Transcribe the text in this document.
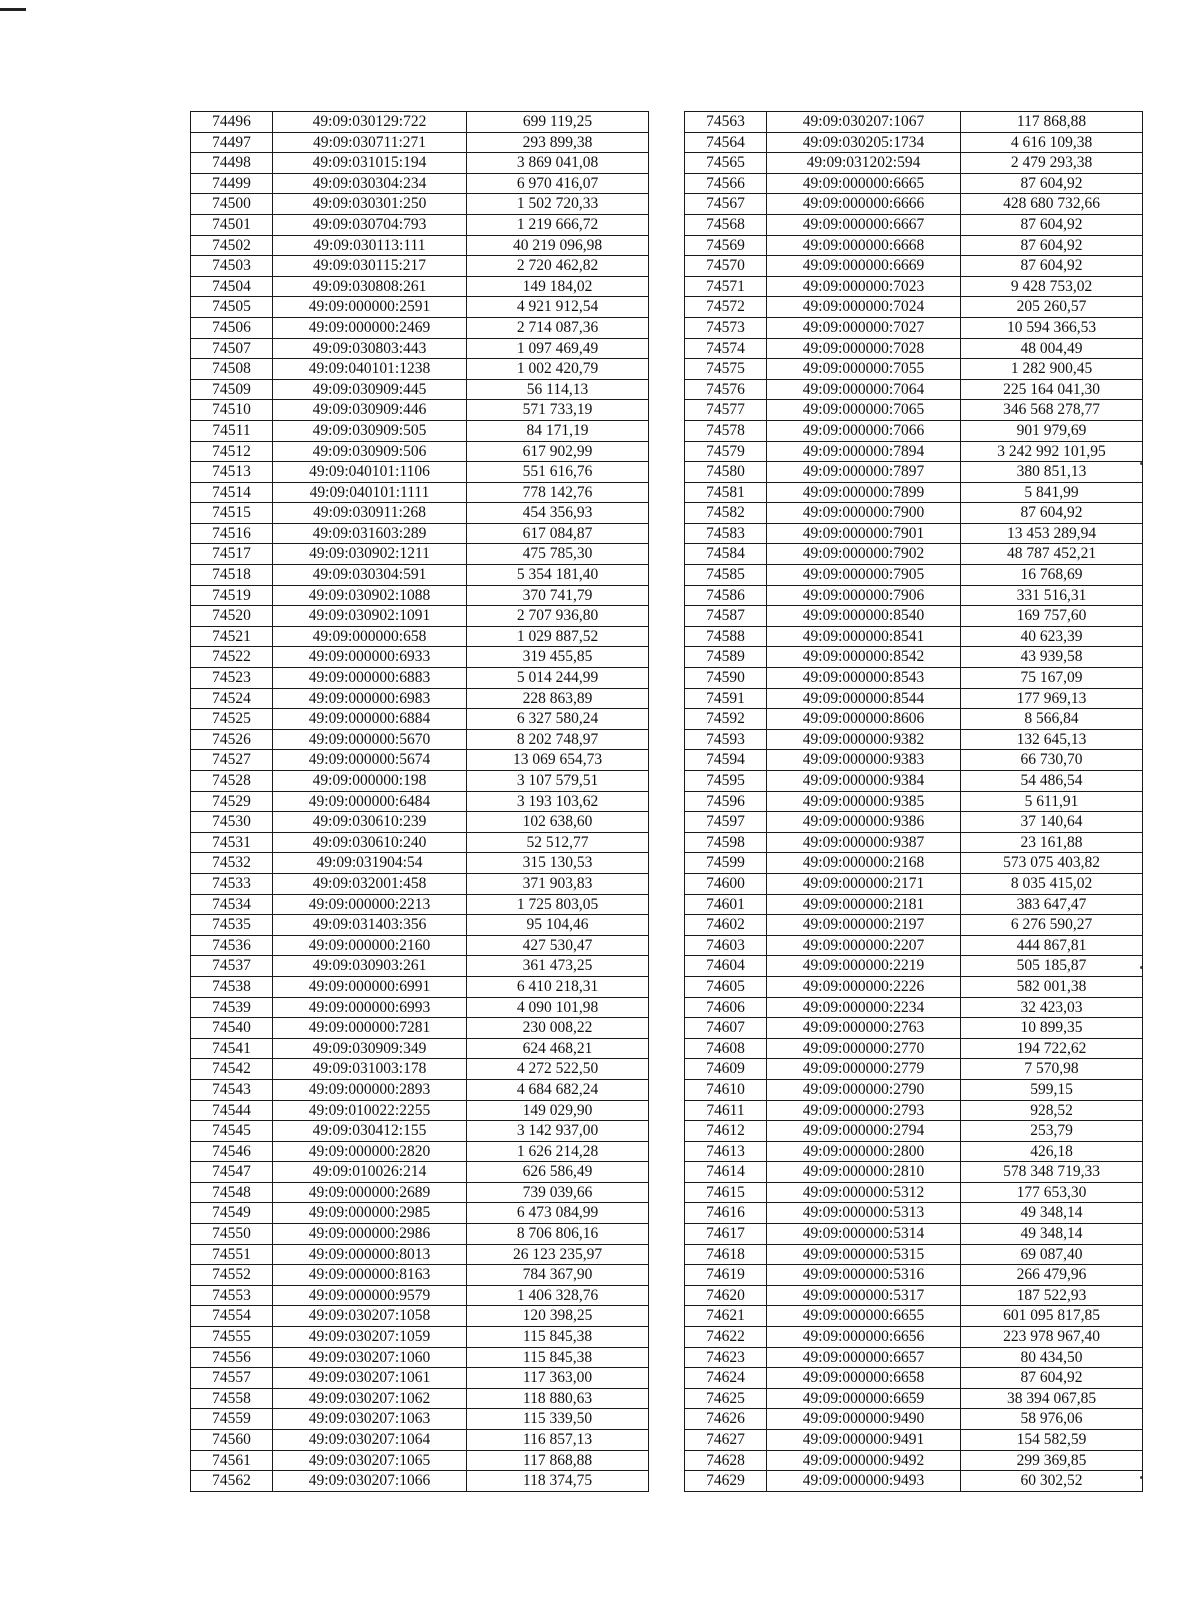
74496	49:09:030129:722	699 119,25
74497	49:09:030711:271	293 899,38
74498	49:09:031015:194	3 869 041,08
74499	49:09:030304:234	6 970 416,07
74500	49:09:030301:250	1 502 720,33
74501	49:09:030704:793	1 219 666,72
74502	49:09:030113:111	40 219 096,98
74503	49:09:030115:217	2 720 462,82
74504	49:09:030808:261	149 184,02
74505	49:09:000000:2591	4 921 912,54
74506	49:09:000000:2469	2 714 087,36
74507	49:09:030803:443	1 097 469,49
74508	49:09:040101:1238	1 002 420,79
74509	49:09:030909:445	56 114,13
74510	49:09:030909:446	571 733,19
74511	49:09:030909:505	84 171,19
74512	49:09:030909:506	617 902,99
74513	49:09:040101:1106	551 616,76
74514	49:09:040101:1111	778 142,76
74515	49:09:030911:268	454 356,93
74516	49:09:031603:289	617 084,87
74517	49:09:030902:1211	475 785,30
74518	49:09:030304:591	5 354 181,40
74519	49:09:030902:1088	370 741,79
74520	49:09:030902:1091	2 707 936,80
74521	49:09:000000:658	1 029 887,52
74522	49:09:000000:6933	319 455,85
74523	49:09:000000:6883	5 014 244,99
74524	49:09:000000:6983	228 863,89
74525	49:09:000000:6884	6 327 580,24
74526	49:09:000000:5670	8 202 748,97
74527	49:09:000000:5674	13 069 654,73
74528	49:09:000000:198	3 107 579,51
74529	49:09:000000:6484	3 193 103,62
74530	49:09:030610:239	102 638,60
74531	49:09:030610:240	52 512,77
74532	49:09:031904:54	315 130,53
74533	49:09:032001:458	371 903,83
74534	49:09:000000:2213	1 725 803,05
74535	49:09:031403:356	95 104,46
74536	49:09:000000:2160	427 530,47
74537	49:09:030903:261	361 473,25
74538	49:09:000000:6991	6 410 218,31
74539	49:09:000000:6993	4 090 101,98
74540	49:09:000000:7281	230 008,22
74541	49:09:030909:349	624 468,21
74542	49:09:031003:178	4 272 522,50
74543	49:09:000000:2893	4 684 682,24
74544	49:09:010022:2255	149 029,90
74545	49:09:030412:155	3 142 937,00
74546	49:09:000000:2820	1 626 214,28
74547	49:09:010026:214	626 586,49
74548	49:09:000000:2689	739 039,66
74549	49:09:000000:2985	6 473 084,99
74550	49:09:000000:2986	8 706 806,16
74551	49:09:000000:8013	26 123 235,97
74552	49:09:000000:8163	784 367,90
74553	49:09:000000:9579	1 406 328,76
74554	49:09:030207:1058	120 398,25
74555	49:09:030207:1059	115 845,38
74556	49:09:030207:1060	115 845,38
74557	49:09:030207:1061	117 363,00
74558	49:09:030207:1062	118 880,63
74559	49:09:030207:1063	115 339,50
74560	49:09:030207:1064	116 857,13
74561	49:09:030207:1065	117 868,88
74562	49:09:030207:1066	118 374,75
74563	49:09:030207:1067	117 868,88
74564	49:09:030205:1734	4 616 109,38
74565	49:09:031202:594	2 479 293,38
74566	49:09:000000:6665	87 604,92
74567	49:09:000000:6666	428 680 732,66
74568	49:09:000000:6667	87 604,92
74569	49:09:000000:6668	87 604,92
74570	49:09:000000:6669	87 604,92
74571	49:09:000000:7023	9 428 753,02
74572	49:09:000000:7024	205 260,57
74573	49:09:000000:7027	10 594 366,53
74574	49:09:000000:7028	48 004,49
74575	49:09:000000:7055	1 282 900,45
74576	49:09:000000:7064	225 164 041,30
74577	49:09:000000:7065	346 568 278,77
74578	49:09:000000:7066	901 979,69
74579	49:09:000000:7894	3 242 992 101,95
74580	49:09:000000:7897	380 851,13
74581	49:09:000000:7899	5 841,99
74582	49:09:000000:7900	87 604,92
74583	49:09:000000:7901	13 453 289,94
74584	49:09:000000:7902	48 787 452,21
74585	49:09:000000:7905	16 768,69
74586	49:09:000000:7906	331 516,31
74587	49:09:000000:8540	169 757,60
74588	49:09:000000:8541	40 623,39
74589	49:09:000000:8542	43 939,58
74590	49:09:000000:8543	75 167,09
74591	49:09:000000:8544	177 969,13
74592	49:09:000000:8606	8 566,84
74593	49:09:000000:9382	132 645,13
74594	49:09:000000:9383	66 730,70
74595	49:09:000000:9384	54 486,54
74596	49:09:000000:9385	5 611,91
74597	49:09:000000:9386	37 140,64
74598	49:09:000000:9387	23 161,88
74599	49:09:000000:2168	573 075 403,82
74600	49:09:000000:2171	8 035 415,02
74601	49:09:000000:2181	383 647,47
74602	49:09:000000:2197	6 276 590,27
74603	49:09:000000:2207	444 867,81
74604	49:09:000000:2219	505 185,87
74605	49:09:000000:2226	582 001,38
74606	49:09:000000:2234	32 423,03
74607	49:09:000000:2763	10 899,35
74608	49:09:000000:2770	194 722,62
74609	49:09:000000:2779	7 570,98
74610	49:09:000000:2790	599,15
74611	49:09:000000:2793	928,52
74612	49:09:000000:2794	253,79
74613	49:09:000000:2800	426,18
74614	49:09:000000:2810	578 348 719,33
74615	49:09:000000:5312	177 653,30
74616	49:09:000000:5313	49 348,14
74617	49:09:000000:5314	49 348,14
74618	49:09:000000:5315	69 087,40
74619	49:09:000000:5316	266 479,96
74620	49:09:000000:5317	187 522,93
74621	49:09:000000:6655	601 095 817,85
74622	49:09:000000:6656	223 978 967,40
74623	49:09:000000:6657	80 434,50
74624	49:09:000000:6658	87 604,92
74625	49:09:000000:6659	38 394 067,85
74626	49:09:000000:9490	58 976,06
74627	49:09:000000:9491	154 582,59
74628	49:09:000000:9492	299 369,85
74629	49:09:000000:9493	60 302,52
